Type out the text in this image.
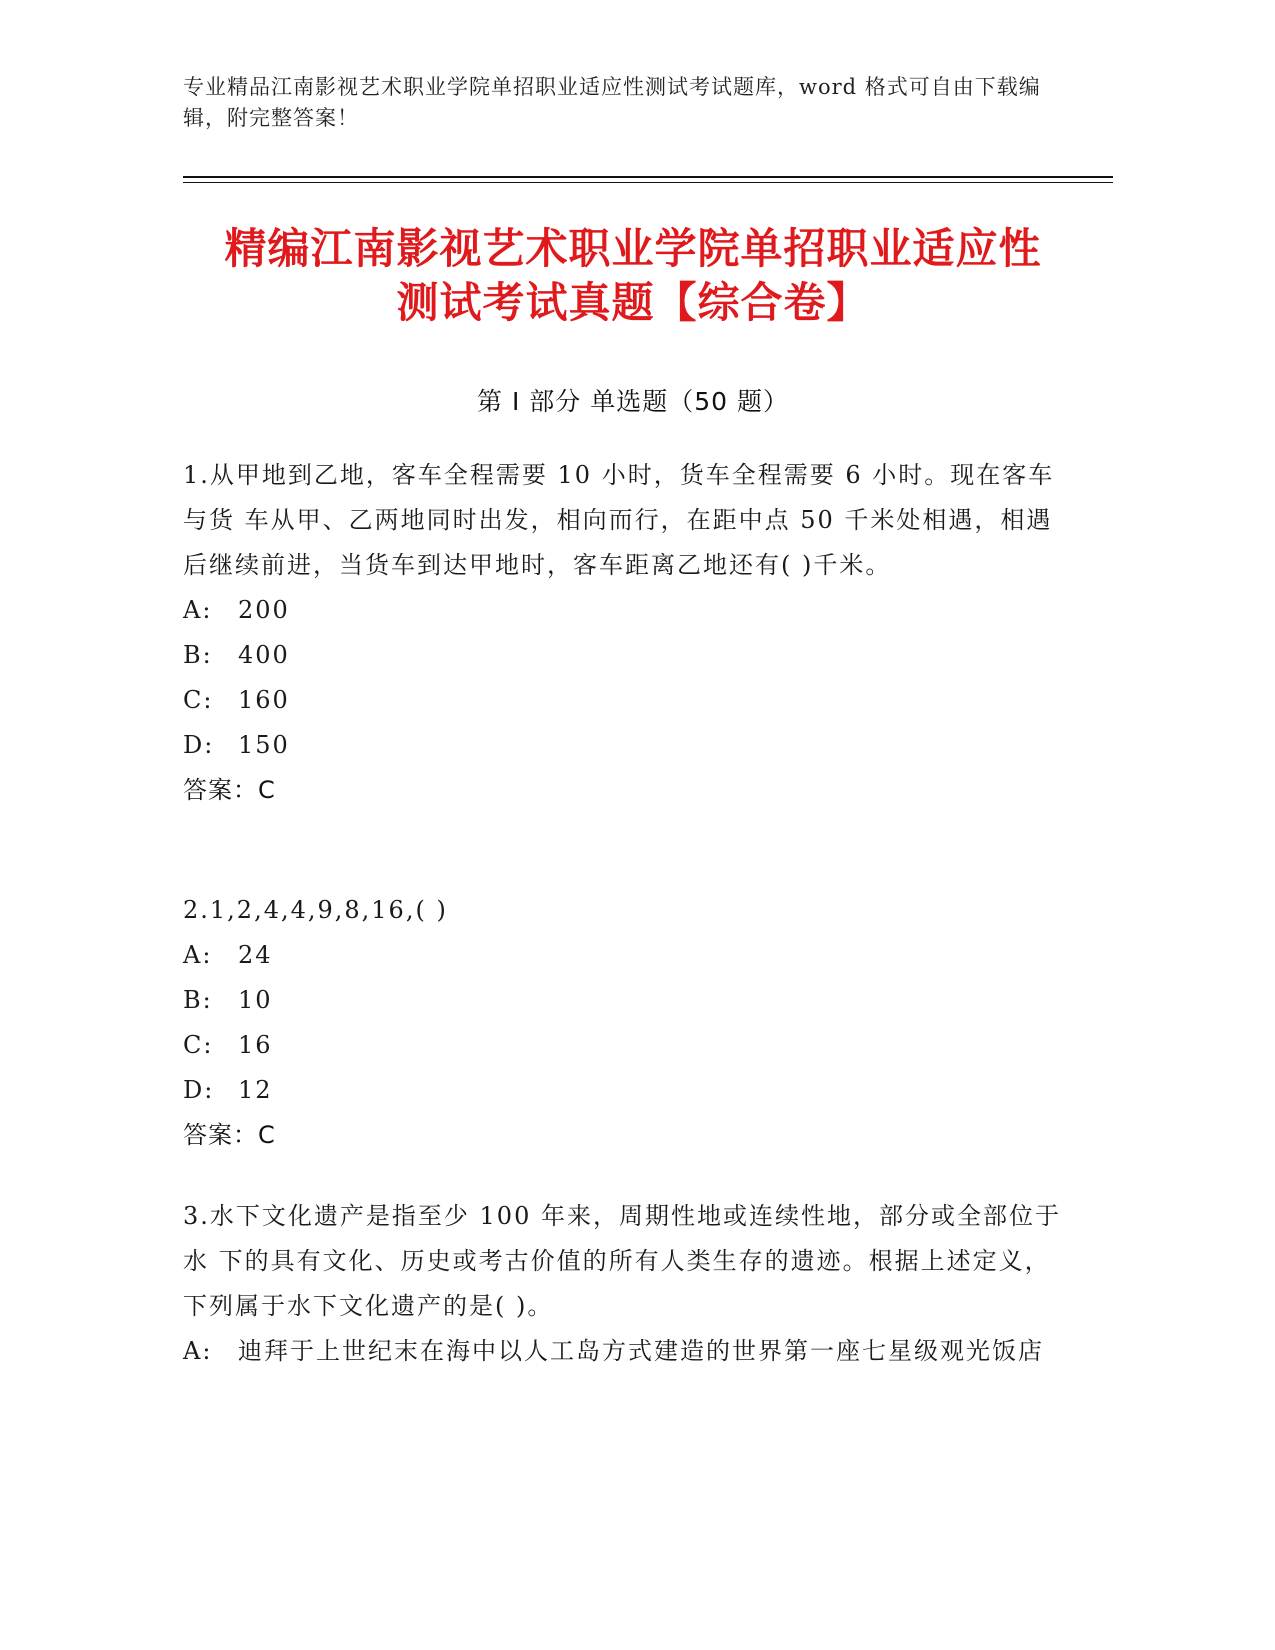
专业精品江南影视艺术职业学院单招职业适应性测试考试题库，word 格式可自由下载编辑，附完整答案！
精编江南影视艺术职业学院单招职业适应性
测试考试真题【综合卷】
第 I 部分 单选题（50 题）

1.从甲地到乙地，客车全程需要 10 小时，货车全程需要 6 小时。现在客车与货 车从甲、乙两地同时出发，相向而行，在距中点 50 千米处相遇，相遇后继续前进，当货车到达甲地时，客车距离乙地还有( )千米。

A: 200
B: 400
C: 160
D: 150
答案：C

2.1,2,4,4,9,8,16,( )

A: 24
B: 10
C: 16
D: 12
答案：C

3.水下文化遗产是指至少 100 年来，周期性地或连续性地，部分或全部位于水 下的具有文化、历史或考古价值的所有人类生存的遗迹。根据上述定义，下列属于水下文化遗产的是( )。

A: 迪拜于上世纪末在海中以人工岛方式建造的世界第一座七星级观光饭店
